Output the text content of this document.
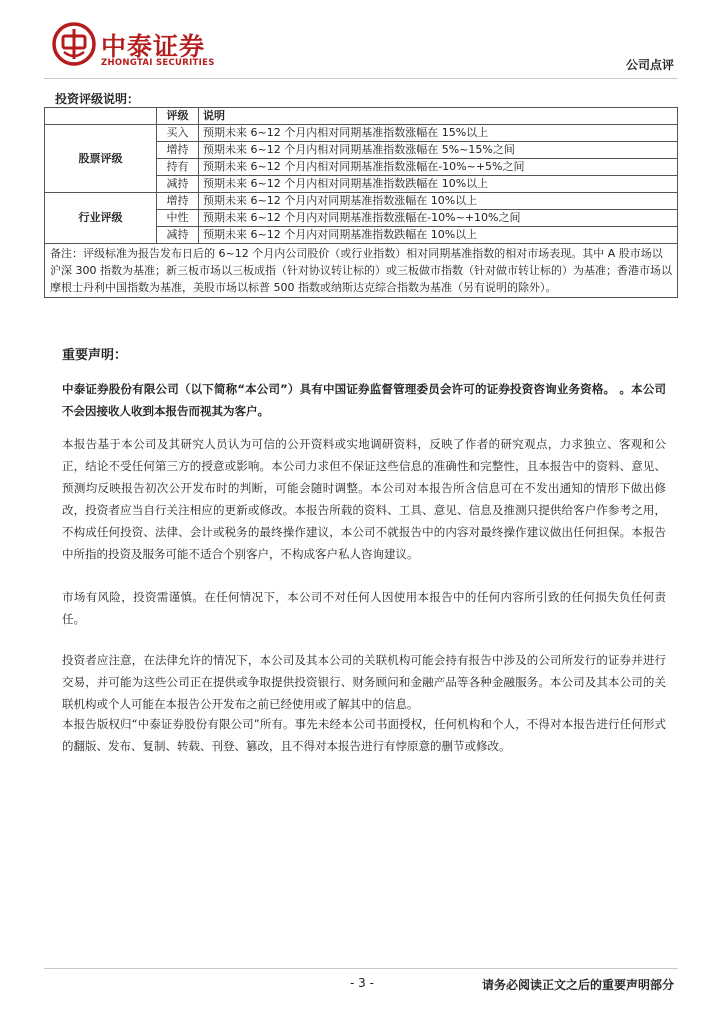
中泰证券
ZHONGTAI SECURITIES	公司点评
投资评级说明：
	评级	说明
股票评级	买入	预期未来 6~12 个月内相对同期基准指数涨幅在 15%以上
	增持	预期未来 6~12 个月内相对同期基准指数涨幅在 5%~15%之间
	持有	预期未来 6~12 个月内相对同期基准指数涨幅在-10%~+5%之间
	减持	预期未来 6~12 个月内相对同期基准指数跌幅在 10%以上
行业评级	增持	预期未来 6~12 个月内对同期基准指数涨幅在 10%以上
	中性	预期未来 6~12 个月内对同期基准指数涨幅在-10%~+10%之间
	减持	预期未来 6~12 个月内对同期基准指数跌幅在 10%以上
备注：评级标准为报告发布日后的 6~12 个月内公司股价（或行业指数）相对同期基准指数的相对市场表现。其中 A 股市场以沪深 300 指数为基准；新三板市场以三板成指（针对协议转让标的）或三板做市指数（针对做市转让标的）为基准；香港市场以摩根士丹利中国指数为基准，美股市场以标普 500 指数或纳斯达克综合指数为基准（另有说明的除外）。		
重要声明：
中泰证券股份有限公司（以下简称“本公司”）具有中国证券监督管理委员会许可的证券投资咨询业务资格。 。本公司不会因接收人收到本报告而视其为客户。
本报告基于本公司及其研究人员认为可信的公开资料或实地调研资料，反映了作者的研究观点，力求独立、客观和公正，结论不受任何第三方的授意或影响。本公司力求但不保证这些信息的准确性和完整性，且本报告中的资料、意见、预测均反映报告初次公开发布时的判断，可能会随时调整。本公司对本报告所含信息可在不发出通知的情形下做出修改，投资者应当自行关注相应的更新或修改。本报告所载的资料、工具、意见、信息及推测只提供给客户作参考之用，不构成任何投资、法律、会计或税务的最终操作建议，本公司不就报告中的内容对最终操作建议做出任何担保。本报告中所指的投资及服务可能不适合个别客户，不构成客户私人咨询建议。
市场有风险，投资需谨慎。在任何情况下，本公司不对任何人因使用本报告中的任何内容所引致的任何损失负任何责任。
投资者应注意，在法律允许的情况下，本公司及其本公司的关联机构可能会持有报告中涉及的公司所发行的证券并进行交易，并可能为这些公司正在提供或争取提供投资银行、财务顾问和金融产品等各种金融服务。本公司及其本公司的关联机构或个人可能在本报告公开发布之前已经使用或了解其中的信息。
本报告版权归“中泰证券股份有限公司”所有。事先未经本公司书面授权，任何机构和个人，不得对本报告进行任何形式的翻版、发布、复制、转载、刊登、篡改，且不得对本报告进行有悖原意的删节或修改。
- 3 -	请务必阅读正文之后的重要声明部分
